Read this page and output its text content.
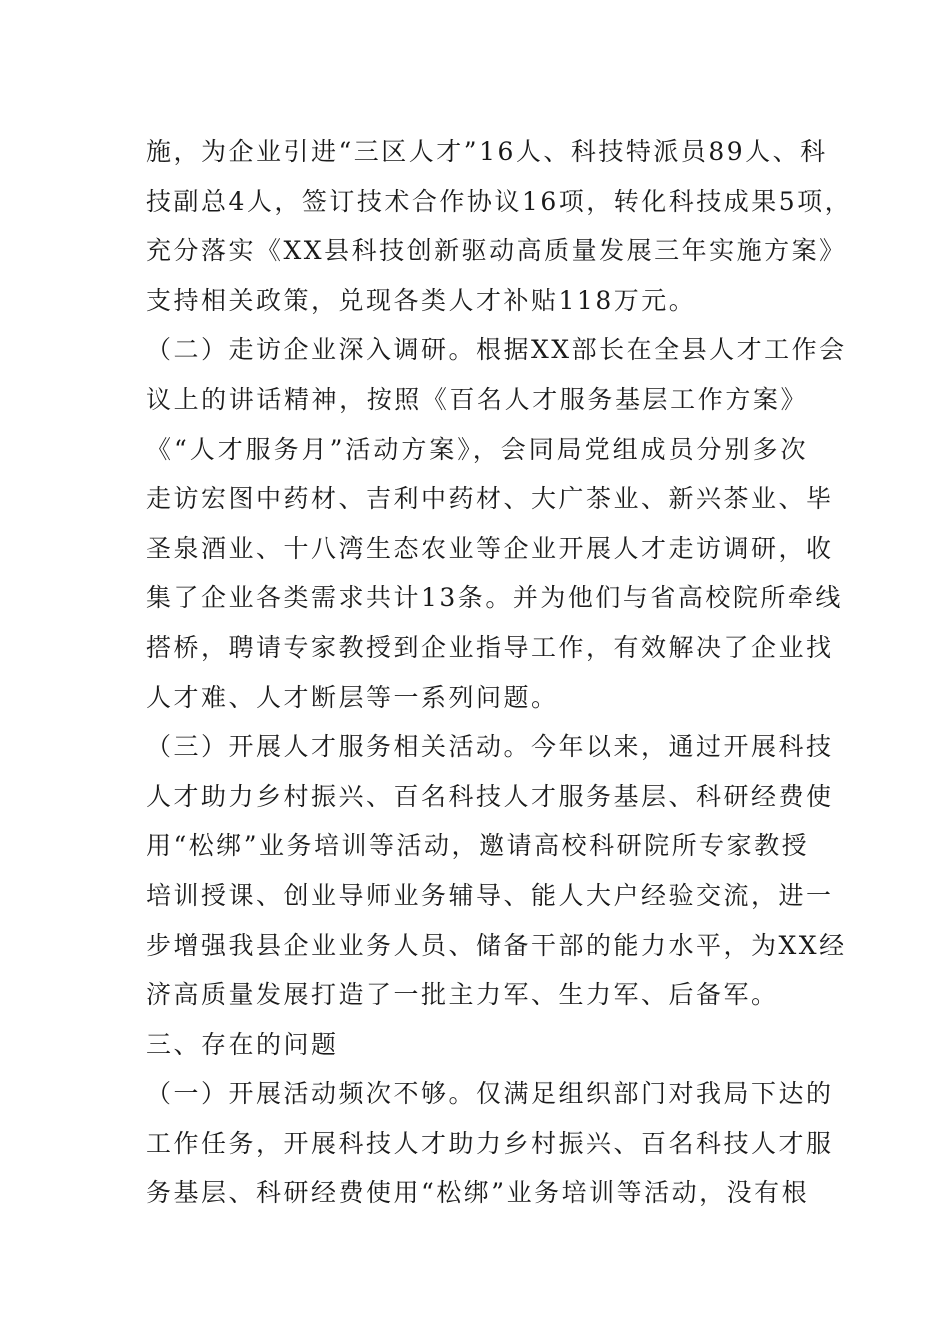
施，为企业引进“三区人才”16人、科技特派员89人、科
技副总4人，签订技术合作协议16项，转化科技成果5项，
充分落实《XX县科技创新驱动高质量发展三年实施方案》
支持相关政策，兑现各类人才补贴118万元。
（二）走访企业深入调研。根据XX部长在全县人才工作会
议上的讲话精神，按照《百名人才服务基层工作方案》
《“人才服务月”活动方案》，会同局党组成员分别多次
走访宏图中药材、吉利中药材、大广茶业、新兴茶业、毕
圣泉酒业、十八湾生态农业等企业开展人才走访调研，收
集了企业各类需求共计13条。并为他们与省高校院所牵线
搭桥，聘请专家教授到企业指导工作，有效解决了企业找
人才难、人才断层等一系列问题。
（三）开展人才服务相关活动。今年以来，通过开展科技
人才助力乡村振兴、百名科技人才服务基层、科研经费使
用“松绑”业务培训等活动，邀请高校科研院所专家教授
培训授课、创业导师业务辅导、能人大户经验交流，进一
步增强我县企业业务人员、储备干部的能力水平，为XX经
济高质量发展打造了一批主力军、生力军、后备军。
三、存在的问题
（一）开展活动频次不够。仅满足组织部门对我局下达的
工作任务，开展科技人才助力乡村振兴、百名科技人才服
务基层、科研经费使用“松绑”业务培训等活动，没有根
